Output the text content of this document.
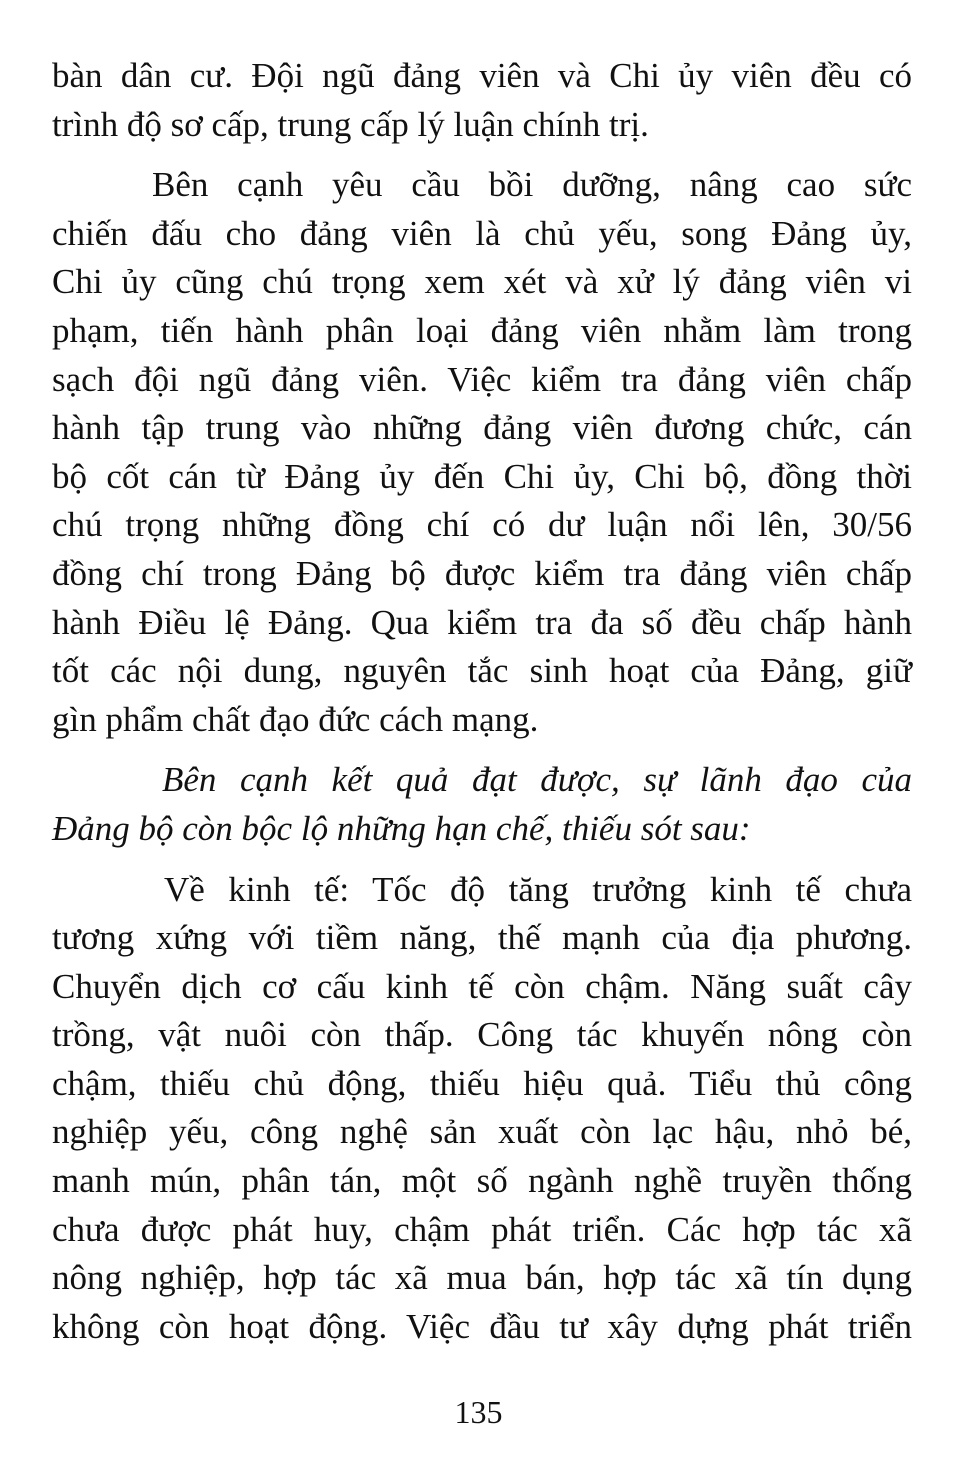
bàn dân cư. Đội ngũ đảng viên và Chi ủy viên đều có
trình độ sơ cấp, trung cấp lý luận chính trị.
Bên cạnh yêu cầu bồi dưỡng, nâng cao sức
chiến đấu cho đảng viên là chủ yếu, song Đảng ủy,
Chi ủy cũng chú trọng xem xét và xử lý đảng viên vi
phạm, tiến hành phân loại đảng viên nhằm làm trong
sạch đội ngũ đảng viên. Việc kiểm tra đảng viên chấp
hành tập trung vào những đảng viên đương chức, cán
bộ cốt cán từ Đảng ủy đến Chi ủy, Chi bộ, đồng thời
chú trọng những đồng chí có dư luận nổi lên, 30/56
đồng chí trong Đảng bộ được kiểm tra đảng viên chấp
hành Điều lệ Đảng. Qua kiểm tra đa số đều chấp hành
tốt các nội dung, nguyên tắc sinh hoạt của Đảng, giữ
gìn phẩm chất đạo đức cách mạng.
Bên cạnh kết quả đạt được, sự lãnh đạo của
Đảng bộ còn bộc lộ những hạn chế, thiếu sót sau:
Về kinh tế: Tốc độ tăng trưởng kinh tế chưa
tương xứng với tiềm năng, thế mạnh của địa phương.
Chuyển dịch cơ cấu kinh tế còn chậm. Năng suất cây
trồng, vật nuôi còn thấp. Công tác khuyến nông còn
chậm, thiếu chủ động, thiếu hiệu quả. Tiểu thủ công
nghiệp yếu, công nghệ sản xuất còn lạc hậu, nhỏ bé,
manh mún, phân tán, một số ngành nghề truyền thống
chưa được phát huy, chậm phát triển. Các hợp tác xã
nông nghiệp, hợp tác xã mua bán, hợp tác xã tín dụng
không còn hoạt động. Việc đầu tư xây dựng phát triển
135
